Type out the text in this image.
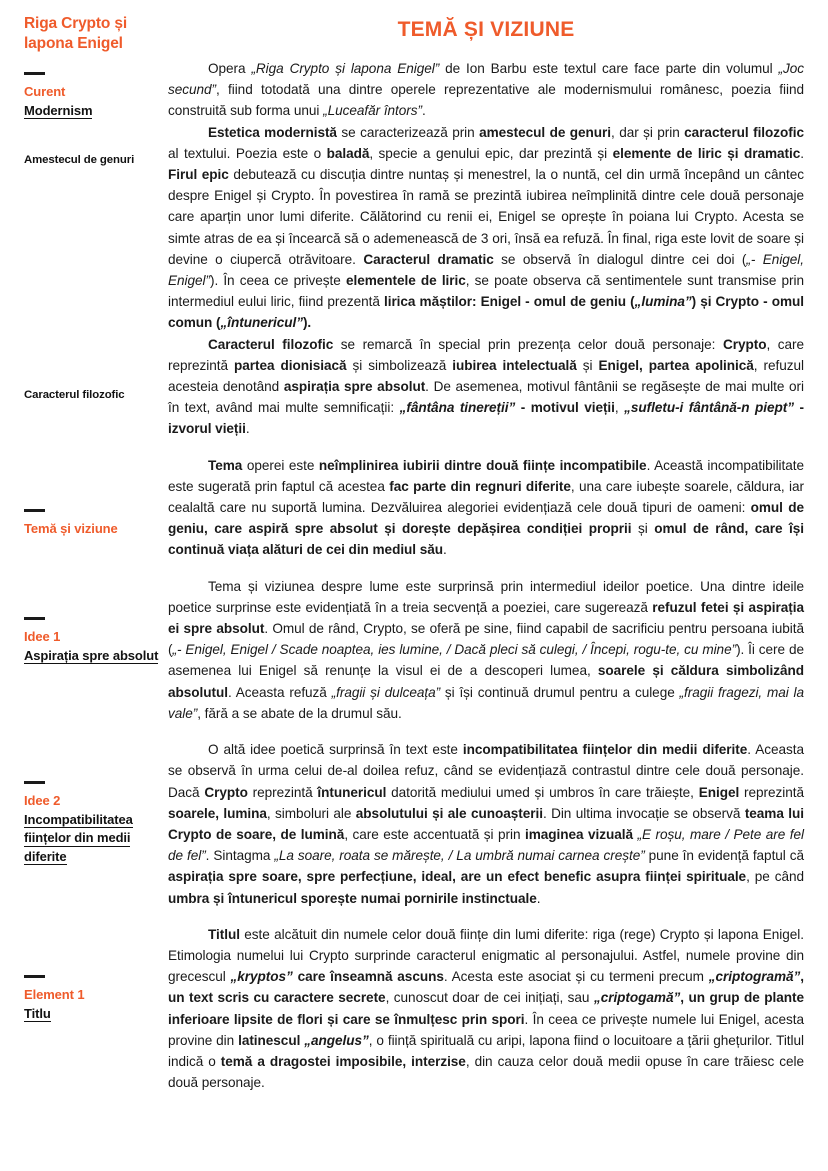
Riga Crypto și lapona Enigel
Curent
Modernism
Amestecul de genuri
Caracterul filozofic
Temă și viziune
Idee 1
Aspirația spre absolut
Idee 2
Incompatibilitatea ființelor din medii diferite
Element 1
Titlu
TEMĂ ȘI VIZIUNE

Opera „Riga Crypto și lapona Enigel” de Ion Barbu este textul care face parte din volumul „Joc secund”, fiind totodată una dintre operele reprezentative ale modernismului românesc, poezia fiind construită sub forma unui „Luceafăr întors”.

Estetica modernistă se caracterizează prin amestecul de genuri, dar și prin caracterul filozofic al textului. Poezia este o baladă, specie a genului epic, dar prezintă și elemente de liric și dramatic. Firul epic debutează cu discuția dintre nuntaș și menestrel, la o nuntă, cel din urmă începând un cântec despre Enigel și Crypto. În povestirea în ramă se prezintă iubirea neîmplinită dintre cele două personaje care aparțin unor lumi diferite. Călătorind cu renii ei, Enigel se oprește în poiana lui Crypto. Acesta se simte atras de ea și încearcă să o ademenească de 3 ori, însă ea refuză. În final, riga este lovit de soare și devine o ciupercă otrăvitoare. Caracterul dramatic se observă în dialogul dintre cei doi („- Enigel, Enigel”). În ceea ce privește elementele de liric, se poate observa că sentimentele sunt transmise prin intermediul eului liric, fiind prezentă lirica măștilor: Enigel - omul de geniu („lumina”) și Crypto - omul comun („întunericul”).

Caracterul filozofic se remarcă în special prin prezența celor două personaje: Crypto, care reprezintă partea dionisiacă și simbolizează iubirea intelectuală și Enigel, partea apolinică, refuzul acesteia denotând aspirația spre absolut. De asemenea, motivul fântânii se regăsește de mai multe ori în text, având mai multe semnificații: „fântâna tinereții” - motivul vieții, „sufletu-i fântână-n piept” - izvorul vieții.

Tema operei este neîmplinirea iubirii dintre două ființe incompatibile. Această incompatibilitate este sugerată prin faptul că acestea fac parte din regnuri diferite, una care iubește soarele, căldura, iar cealaltă care nu suportă lumina. Dezvăluirea alegoriei evidențiază cele două tipuri de oameni: omul de geniu, care aspiră spre absolut și dorește depășirea condiției proprii și omul de rând, care își continuă viața alături de cei din mediul său.

Tema și viziunea despre lume este surprinsă prin intermediul ideilor poetice. Una dintre ideile poetice surprinse este evidențiată în a treia secvență a poeziei, care sugerează refuzul fetei și aspirația ei spre absolut. Omul de rând, Crypto, se oferă pe sine, fiind capabil de sacrificiu pentru persoana iubită („- Enigel, Enigel / Scade noaptea, ies lumine, / Dacă pleci să culegi, / Începi, rogu-te, cu mine”). Îi cere de asemenea lui Enigel să renunțe la visul ei de a descoperi lumea, soarele și căldura simbolizând absolutul. Aceasta refuză „fragii și dulceața” și își continuă drumul pentru a culege „fragii fragezi, mai la vale”, fără a se abate de la drumul său.

O altă idee poetică surprinsă în text este incompatibilitatea ființelor din medii diferite. Aceasta se observă în urma celui de-al doilea refuz, când se evidențiază contrastul dintre cele două personaje. Dacă Crypto reprezintă întunericul datorită mediului umed și umbros în care trăiește, Enigel reprezintă soarele, lumina, simboluri ale absolutului și ale cunoașterii. Din ultima invocație se observă teama lui Crypto de soare, de lumină, care este accentuată și prin imaginea vizuală „E roșu, mare / Pete are fel de fel”. Sintagma „La soare, roata se mărește, / La umbră numai carnea crește” pune în evidență faptul că aspirația spre soare, spre perfecțiune, ideal, are un efect benefic asupra ființei spirituale, pe când umbra și întunericul sporește numai pornirile instinctuale.

Titlul este alcătuit din numele celor două ființe din lumi diferite: riga (rege) Crypto și lapona Enigel. Etimologia numelui lui Crypto surprinde caracterul enigmatic al personajului. Astfel, numele provine din grecescul „kryptos” care înseamnă ascuns. Acesta este asociat și cu termeni precum „criptogramă”, un text scris cu caractere secrete, cunoscut doar de cei inițiați, sau „criptogamă”, un grup de plante inferioare lipsite de flori și care se înmulțesc prin spori. În ceea ce privește numele lui Enigel, acesta provine din latinescul „angelus”, o ființă spirituală cu aripi, lapona fiind o locuitoare a țării ghețurilor. Titlul indică o temă a dragostei imposibile, interzise, din cauza celor două medii opuse în care trăiesc cele două personaje.
